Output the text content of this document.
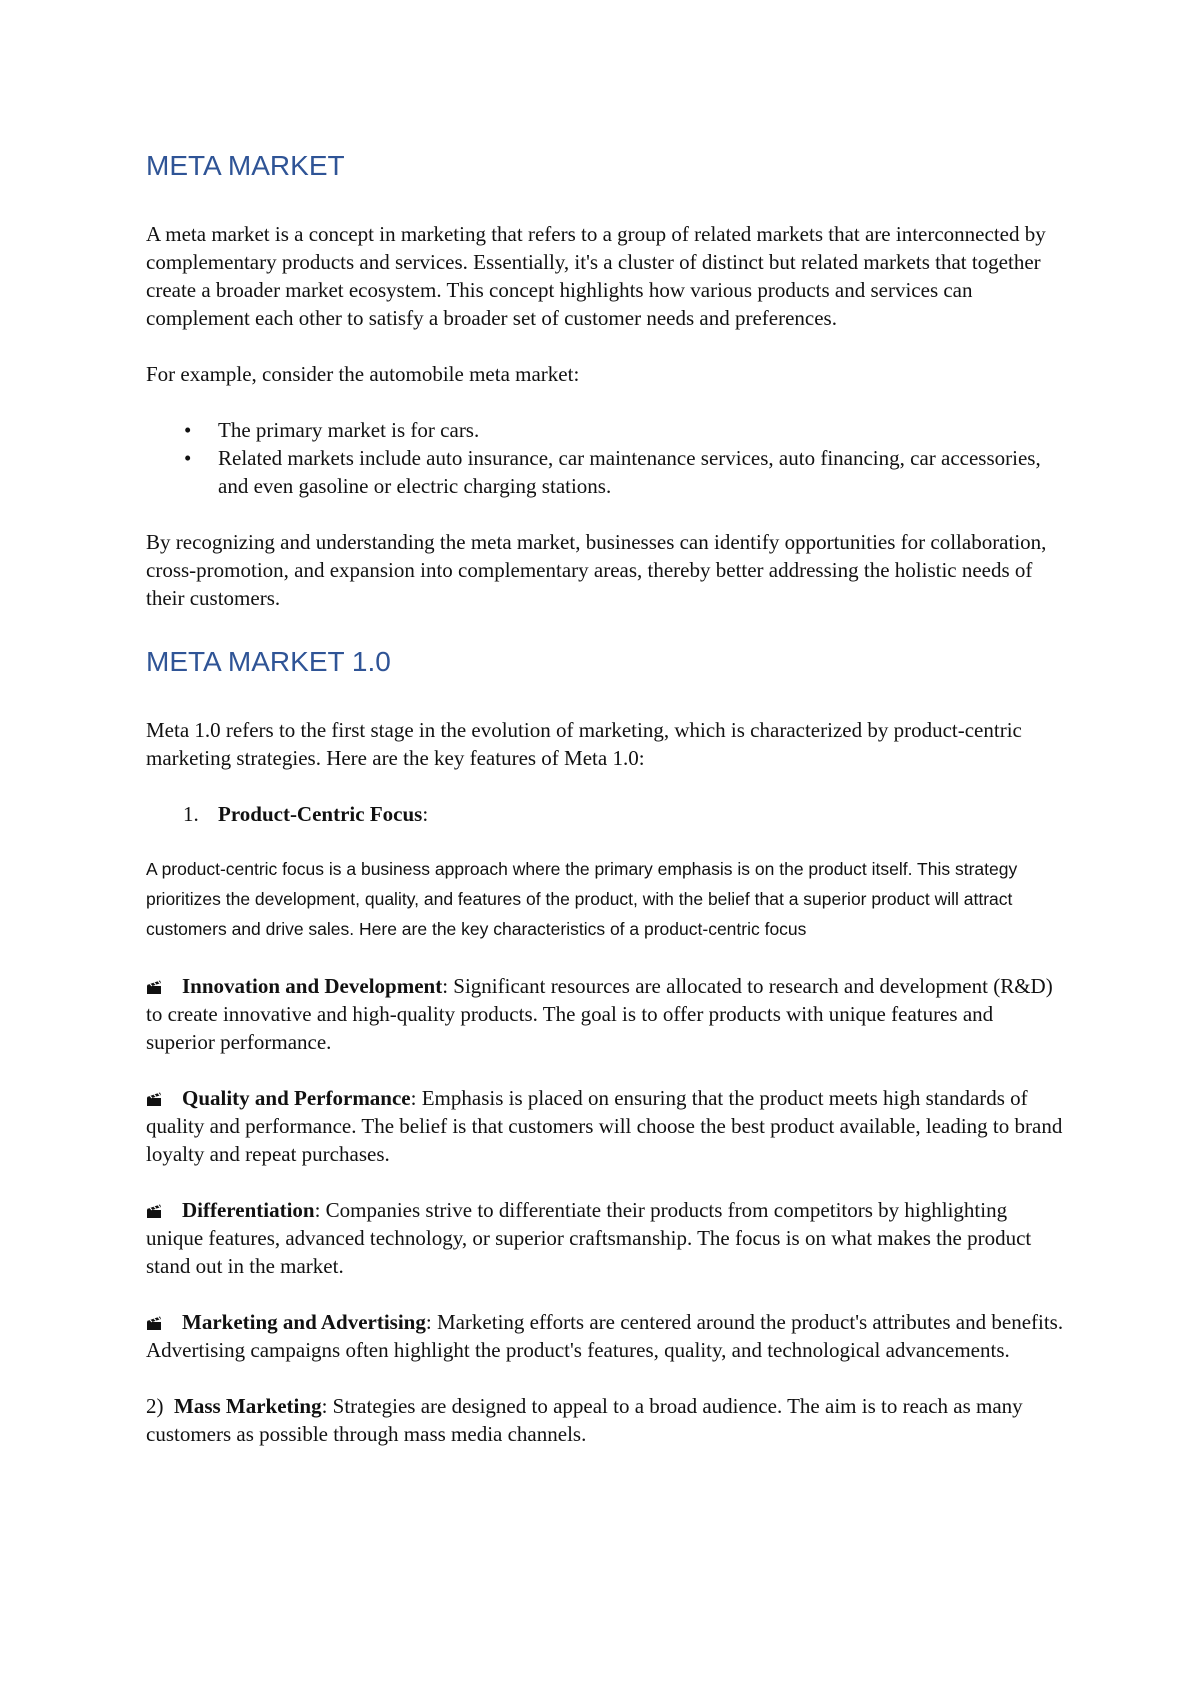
META MARKET

A meta market is a concept in marketing that refers to a group of related markets that are interconnected by complementary products and services. Essentially, it's a cluster of distinct but related markets that together create a broader market ecosystem. This concept highlights how various products and services can complement each other to satisfy a broader set of customer needs and preferences.

For example, consider the automobile meta market:

• The primary market is for cars.
• Related markets include auto insurance, car maintenance services, auto financing, car accessories, and even gasoline or electric charging stations.

By recognizing and understanding the meta market, businesses can identify opportunities for collaboration, cross-promotion, and expansion into complementary areas, thereby better addressing the holistic needs of their customers.

META MARKET 1.0

Meta 1.0 refers to the first stage in the evolution of marketing, which is characterized by product-centric marketing strategies. Here are the key features of Meta 1.0:

1. Product-Centric Focus:

A product-centric focus is a business approach where the primary emphasis is on the product itself. This strategy prioritizes the development, quality, and features of the product, with the belief that a superior product will attract customers and drive sales. Here are the key characteristics of a product-centric focus

Innovation and Development: Significant resources are allocated to research and development (R&D) to create innovative and high-quality products. The goal is to offer products with unique features and superior performance.
Quality and Performance: Emphasis is placed on ensuring that the product meets high standards of quality and performance. The belief is that customers will choose the best product available, leading to brand loyalty and repeat purchases.
Differentiation: Companies strive to differentiate their products from competitors by highlighting unique features, advanced technology, or superior craftsmanship. The focus is on what makes the product stand out in the market.
Marketing and Advertising: Marketing efforts are centered around the product's attributes and benefits. Advertising campaigns often highlight the product's features, quality, and technological advancements.

2) Mass Marketing: Strategies are designed to appeal to a broad audience. The aim is to reach as many customers as possible through mass media channels.
